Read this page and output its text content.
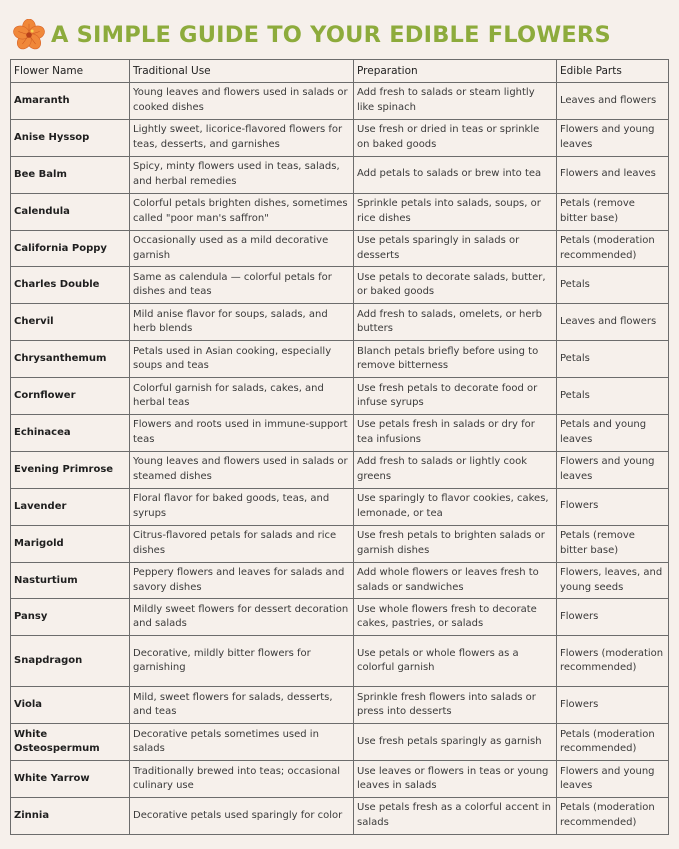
A SIMPLE GUIDE TO YOUR EDIBLE FLOWERS
Flower Name	Traditional Use	Preparation	Edible Parts
Amaranth	Young leaves and flowers used in salads or cooked dishes	Add fresh to salads or steam lightly like spinach	Leaves and flowers
Anise Hyssop	Lightly sweet, licorice-flavored flowers for teas, desserts, and garnishes	Use fresh or dried in teas or sprinkle on baked goods	Flowers and young leaves
Bee Balm	Spicy, minty flowers used in teas, salads, and herbal remedies	Add petals to salads or brew into tea	Flowers and leaves
Calendula	Colorful petals brighten dishes, sometimes called "poor man's saffron"	Sprinkle petals into salads, soups, or rice dishes	Petals (remove bitter base)
California Poppy	Occasionally used as a mild decorative garnish	Use petals sparingly in salads or desserts	Petals (moderation recommended)
Charles Double	Same as calendula — colorful petals for dishes and teas	Use petals to decorate salads, butter, or baked goods	Petals
Chervil	Mild anise flavor for soups, salads, and herb blends	Add fresh to salads, omelets, or herb butters	Leaves and flowers
Chrysanthemum	Petals used in Asian cooking, especially soups and teas	Blanch petals briefly before using to remove bitterness	Petals
Cornflower	Colorful garnish for salads, cakes, and herbal teas	Use fresh petals to decorate food or infuse syrups	Petals
Echinacea	Flowers and roots used in immune-support teas	Use petals fresh in salads or dry for tea infusions	Petals and young leaves
Evening Primrose	Young leaves and flowers used in salads or steamed dishes	Add fresh to salads or lightly cook greens	Flowers and young leaves
Lavender	Floral flavor for baked goods, teas, and syrups	Use sparingly to flavor cookies, cakes, lemonade, or tea	Flowers
Marigold	Citrus-flavored petals for salads and rice dishes	Use fresh petals to brighten salads or garnish dishes	Petals (remove bitter base)
Nasturtium	Peppery flowers and leaves for salads and savory dishes	Add whole flowers or leaves fresh to salads or sandwiches	Flowers, leaves, and young seeds
Pansy	Mildly sweet flowers for dessert decoration and salads	Use whole flowers fresh to decorate cakes, pastries, or salads	Flowers
Snapdragon	Decorative, mildly bitter flowers for garnishing	Use petals or whole flowers as a colorful garnish	Flowers (moderation recommended)
Viola	Mild, sweet flowers for salads, desserts, and teas	Sprinkle fresh flowers into salads or press into desserts	Flowers
White Osteospermum	Decorative petals sometimes used in salads	Use fresh petals sparingly as garnish	Petals (moderation recommended)
White Yarrow	Traditionally brewed into teas; occasional culinary use	Use leaves or flowers in teas or young leaves in salads	Flowers and young leaves
Zinnia	Decorative petals used sparingly for color	Use petals fresh as a colorful accent in salads	Petals (moderation recommended)
